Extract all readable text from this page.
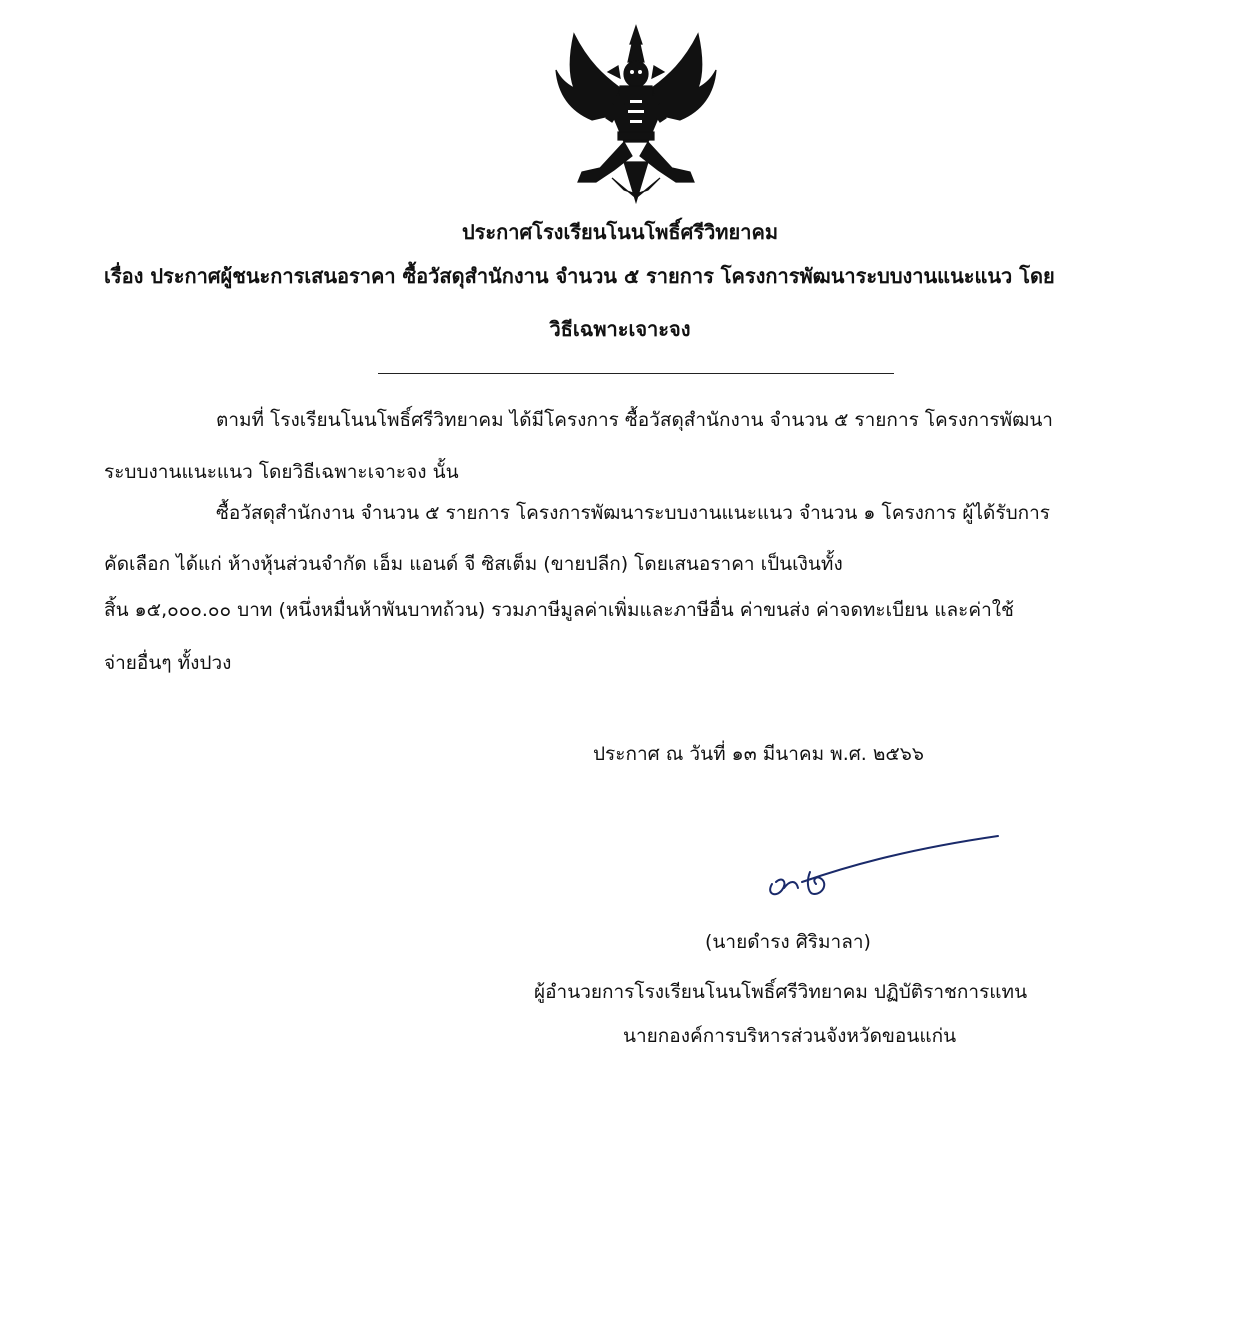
ประกาศโรงเรียนโนนโพธิ์ศรีวิทยาคม
เรื่อง ประกาศผู้ชนะการเสนอราคา ซื้อวัสดุสำนักงาน จำนวน ๕ รายการ โครงการพัฒนาระบบงานแนะแนว โดย
วิธีเฉพาะเจาะจง
ตามที่ โรงเรียนโนนโพธิ์ศรีวิทยาคม ได้มีโครงการ ซื้อวัสดุสำนักงาน จำนวน ๕ รายการ โครงการพัฒนา
ระบบงานแนะแนว โดยวิธีเฉพาะเจาะจง นั้น
ซื้อวัสดุสำนักงาน จำนวน ๕ รายการ โครงการพัฒนาระบบงานแนะแนว จำนวน ๑ โครงการ ผู้ได้รับการ
คัดเลือก ได้แก่ ห้างหุ้นส่วนจำกัด เอ็ม แอนด์ จี ซิสเต็ม (ขายปลีก) โดยเสนอราคา เป็นเงินทั้ง
สิ้น ๑๕,๐๐๐.๐๐ บาท (หนึ่งหมื่นห้าพันบาทถ้วน) รวมภาษีมูลค่าเพิ่มและภาษีอื่น ค่าขนส่ง ค่าจดทะเบียน และค่าใช้
จ่ายอื่นๆ ทั้งปวง
ประกาศ ณ วันที่ ๑๓ มีนาคม พ.ศ. ๒๕๖๖
(นายดำรง ศิริมาลา)
ผู้อำนวยการโรงเรียนโนนโพธิ์ศรีวิทยาคม ปฏิบัติราชการแทน
นายกองค์การบริหารส่วนจังหวัดขอนแก่น
